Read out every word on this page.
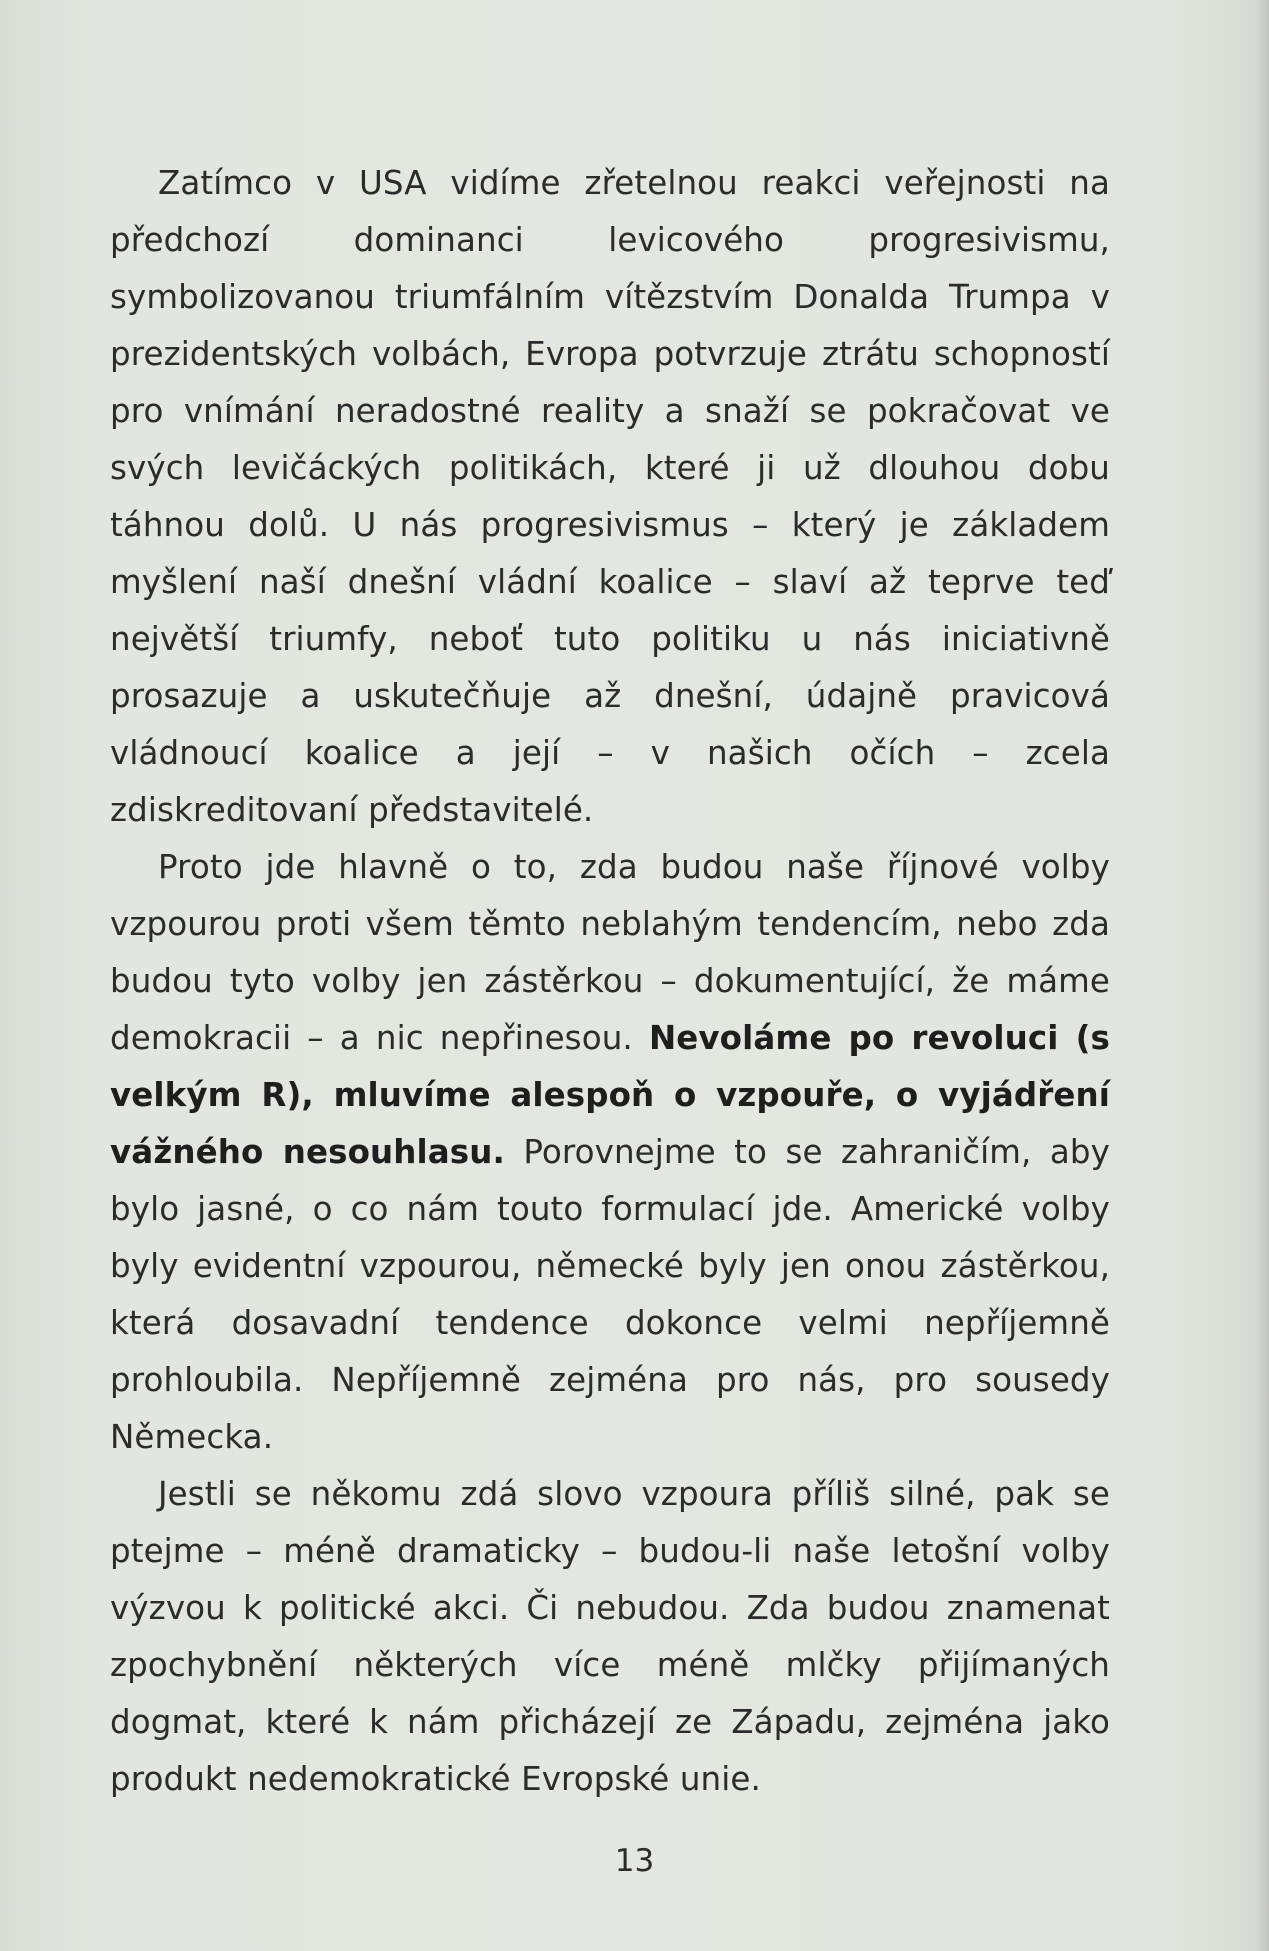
Zatímco v USA vidíme zřetelnou reakci veřejnosti na předchozí dominanci levicového progresivismu, symbolizovanou triumfálním vítězstvím Donalda Trumpa v prezidentských volbách, Evropa potvrzuje ztrátu schopností pro vnímání neradostné reality a snaží se pokračovat ve svých levičáckých politikách, které ji už dlouhou dobu táhnou dolů. U nás progresivismus – který je základem myšlení naší dnešní vládní koalice – slaví až teprve teď největší triumfy, neboť tuto politiku u nás iniciativně prosazuje a uskutečňuje až dnešní, údajně pravicová vládnoucí koalice a její – v našich očích – zcela zdiskreditovaní představitelé.

Proto jde hlavně o to, zda budou naše říjnové volby vzpourou proti všem těmto neblahým tendencím, nebo zda budou tyto volby jen zástěrkou – dokumentující, že máme demokracii – a nic nepřinesou. Nevoláme po revoluci (s velkým R), mluvíme alespoň o vzpouře, o vyjádření vážného nesouhlasu. Porovnejme to se zahraničím, aby bylo jasné, o co nám touto formulací jde. Americké volby byly evidentní vzpourou, německé byly jen onou zástěrkou, která dosavadní tendence dokonce velmi nepříjemně prohloubila. Nepříjemně zejména pro nás, pro sousedy Německa.

Jestli se někomu zdá slovo vzpoura příliš silné, pak se ptejme – méně dramaticky – budou-li naše letošní volby výzvou k politické akci. Či nebudou. Zda budou znamenat zpochybnění některých více méně mlčky přijímaných dogmat, které k nám přicházejí ze Západu, zejména jako produkt nedemokratické Evropské unie.

13
